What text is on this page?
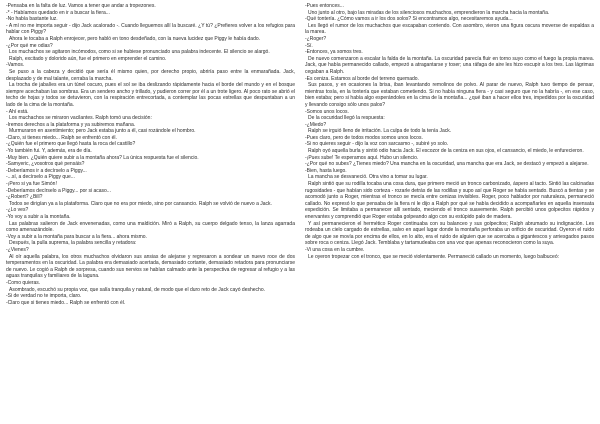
-Pensaba en la falta de luz. Vamos a tener que andar a tropezones.

-* - Habíamos quedado en ir a buscar la fiera...

-No había bastante luz.

- A mí no me importa seguir - dijo Jack acalorado -. Cuando lleguemos allí la buscaré. ¿Y tú? ¿Prefieres volver a los refugios para hablar con Piggy?

Ahora le tocaba a Ralph enrojecer, pero habló en tono desdeñado, con la nueva lucidez que Piggy le había dado.

-¿Por qué me odias?

Los muchachos se agitaron incómodos, como si se hubiese pronunciado una palabra indecente. El silencio se alargó.

Ralph, excitado y dolorido aún, fue el primero en emprender el camino.

-Vamos.

Se puso a la cabeza y decidió que sería él mismo quien, por derecho propio, abriría paso entre la enmarañada. Jack, desplazado y de mal talante, cerraba la marcha.

La trocha de jabalíes era un túnel oscuro, pues el sol se iba deslizando rápidamente hacia el borde del mundo y en el bosque siempre acechaban las sombras. Era un sendero ancho y trillado, y pudieron correr por él a un trote ligero. Al poco rato se abrió el techo de hojas y todos se detuvieron, con la respiración entrecortada, a contemplar las pocas estrellas que despuntaban a un lado de la cima de la montaña.

- Ahí está.

Los muchachos se miraron vacilantes. Ralph tomó una decisión:

-Iremos derechos a la plataforma y ya subiremos mañana.

Murmuraron en asentimiento; pero Jack estaba junto a él, casi rozándole el hombro.

-Claro, si tienes miedo... Ralph se enfrentó con él.

-¿Quién fue el primero que llegó hasta la roca del castillo?

-Yo también fui. Y, además, era de día.

-Muy bien. ¿Quién quiere subir a la montaña ahora? La única respuesta fue el silencio.

-Samyeric, ¿vosotros qué pensáis?

-Deberíamos ir a decírselo a Piggy...

-...sí, a decírselo a Piggy que...

-¡Pero si ya fue Simón!

-Deberíamos decírselo a Piggy... por si acaso...

-¿Robert? ¿Bill?

Todos se dirigían ya a la plataforma. Claro que no era por miedo, sino por cansancio. Ralph se volvió de nuevo a Jack.

-¿Lo ves?

-Yo voy a subir a la montaña.

Las palabras salieron de Jack envenenadas, como una maldición. Miró a Ralph, su cuerpo delgado tenso, la lanza agarrada como amenazándole.

-Voy a subir a la montaña para buscar a la fiera... ahora mismo.

Después, la pulla suprema, la palabra sencilla y retadora:

-¿Vienes?

Al oír aquella palabra, los otros muchachos olvidaron sus ansias de alejarse y regresaron a sondear un nuevo roce de dos temperamentos en la oscuridad. La palabra era demasiado acertada, demasiado cortante, demasiado retadora para pronunciarse de nuevo. Le cogió a Ralph de sorpresa, cuando sus nervios se habían calmado ante la perspectiva de regresar al refugio y a las aguas tranquilas y familiares de la laguna.

-Como quieras.

Asombrado, escuchó su propia voz, que salía tranquila y natural, de modo que el duro reto de Jack cayó deshecho.

-Si de verdad no te importa, claro.

-Claro que si tienes miedo... Ralph se enfrentó con él.

-Pues entonces...

Uno junto al otro, bajo las miradas de los silenciosos muchachos, emprendieron la marcha hacia la montaña.

-Qué tontería. ¿Cómo vamos a ir los dos solos? Si encontramos algo, necesitaremos ayuda...

Les llegó el rumor de los muchachos que escapaban corriendo. Con asombro, vieron una figura oscura moverse de espaldas a la marea.

-¿Roger?

-Sí.

-Entonces, ya somos tres.

De nuevo comenzaron a escalar la falda de la montaña. La oscuridad parecía fluir en torno suyo como el fuego la propia marea. Jack, que había permanecido callado, empezó a atragantarse y toser; una ráfaga de aire les hizo escupir a los tres. Las lágrimas cegaban a Ralph.

-Es ceniza. Estamos al borde del terreno quemado.

Sus pasos, y en ocasiones la brisa, iban levantando remolinos de polvo. Al parar de nuevo, Ralph tuvo tiempo de pensar, mientras tosía, en la tontería que estaban cometiendo. Si no había ninguna fiera - y casi seguro que no la habría -, en ese caso, bien estaba; pero si había algo esperándoles en la cima de la montaña... ¿qué iban a hacer ellos tres, impedidos por la oscuridad y llevando consigo sólo unos palos?

-Somos unos locos.

De la oscuridad llegó la respuesta:

-¿Miedo?

Ralph se irguió lleno de irritación. La culpa de todo la tenía Jack.

-Pues claro, pero de todos modos somos unos locos.

-Si no quieres seguir - dijo la voz con sarcasmo -, subiré yo solo.

Ralph oyó aquella burla y sintió odio hacia Jack. El escozor de la ceniza en sus ojos, el cansancio, el miedo, le enfurecieron.

-¡Pues sube! Te esperamos aquí. Hubo un silencio.

-¿Por qué no subes? ¿Tienes miedo? Una mancha en la oscuridad, una mancha que era Jack, se destacó y empezó a alejarse.

-Bien, hasta luego.

La mancha se desvaneció. Otra vino a tomar su lugar.

Ralph sintió que su rodilla tocaba una cosa dura, que primero meció un tronco carbonizado, áspero al tacto. Sintió las calcinadas rugosidades - que habían sido corteza - rozarle detrás de las rodillas y supo así que Roger se había sentado. Buscó a tientas y se acomodó junto a Roger, mientras el tronco se mecía entre cenizas invisibles. Roger, poco hablador por naturaleza, permaneció callado. No expresó lo que pensaba de la fiera ni le dijo a Ralph por qué se había decidido a acompañarles en aquella insensata expedición. Se limitaba a permanecer allí sentado, meciendo el tronco suavemente. Ralph percibió unos golpecitos rápidos y enervantes y comprendió que Roger estaba golpeando algo con su estúpido palo de madera.

Y así permanecieron el hermético Roger continuaba con su balanceo y sus golpecitos; Ralph abrumado su indignación. Les rodeaba un cielo cargado de estrellas, salvo en aquel lugar donde la montaña perforaba un orificio de oscuridad. Oyeron el ruido de algo que se movía por encima de ellos, en lo alto, era el ruido de alguien que se acercaba a gigantescos y arriesgados pasos sobre roca o ceniza. Llegó Jack. Temblaba y tartamudeaba con una voz que apenas reconocieron como la suya.

-Vi una cosa en la cumbre.

Le oyeron tropezar con el tronco, que se meció violentamente. Permaneció callado un momento, luego balbuceó:
